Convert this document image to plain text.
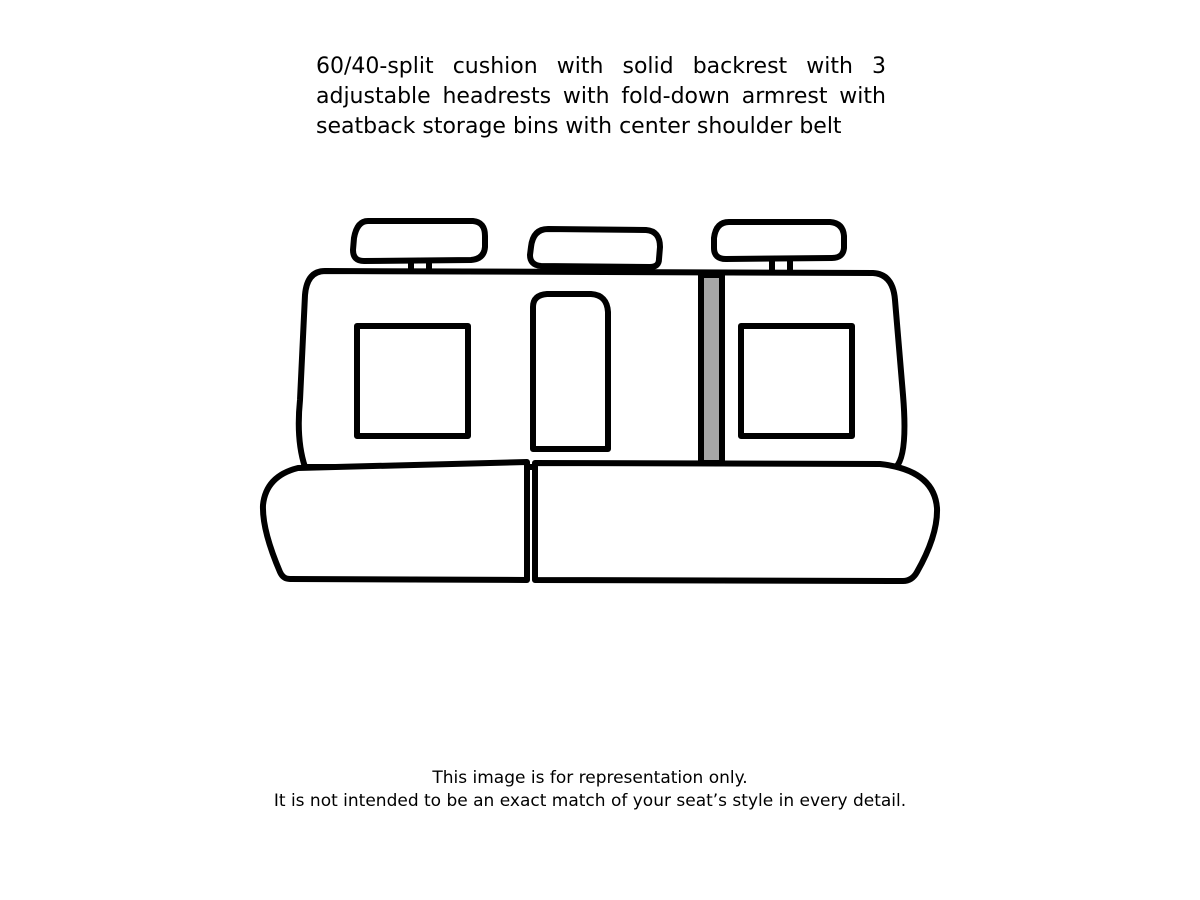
60/40-split cushion with solid backrest with 3 adjustable headrests with fold-down armrest with seatback storage bins with center shoulder belt

This image is for representation only.
It is not intended to be an exact match of your seat’s style in every detail.
